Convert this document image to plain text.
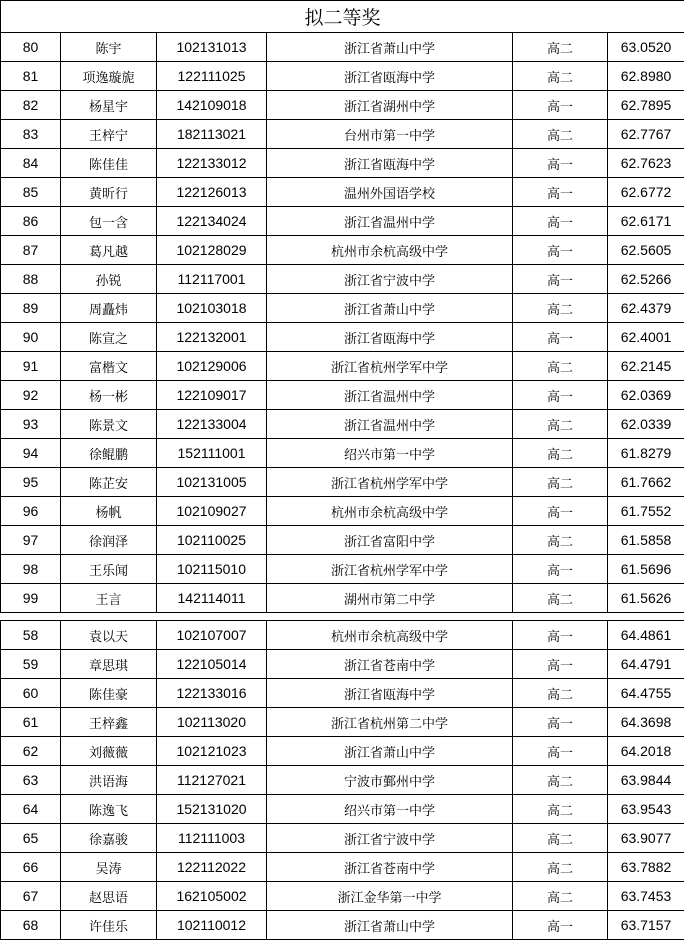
拟二等奖					
80	陈宇	102131013	浙江省萧山中学	高二	63.0520
81	项逸璇旎	122111025	浙江省瓯海中学	高二	62.8980
82	杨星宇	142109018	浙江省湖州中学	高一	62.7895
83	王梓宁	182113021	台州市第一中学	高二	62.7767
84	陈佳佳	122133012	浙江省瓯海中学	高一	62.7623
85	黄昕行	122126013	温州外国语学校	高一	62.6772
86	包一含	122134024	浙江省温州中学	高一	62.6171
87	葛凡越	102128029	杭州市余杭高级中学	高一	62.5605
88	孙锐	112117001	浙江省宁波中学	高一	62.5266
89	周矗炜	102103018	浙江省萧山中学	高二	62.4379
90	陈宣之	122132001	浙江省瓯海中学	高一	62.4001
91	富楷文	102129006	浙江省杭州学军中学	高二	62.2145
92	杨一彬	122109017	浙江省温州中学	高一	62.0369
93	陈景文	122133004	浙江省温州中学	高二	62.0339
94	徐鲲鹏	152111001	绍兴市第一中学	高二	61.8279
95	陈芷安	102131005	浙江省杭州学军中学	高二	61.7662
96	杨帆	102109027	杭州市余杭高级中学	高一	61.7552
97	徐润泽	102110025	浙江省富阳中学	高二	61.5858
98	王乐闻	102115010	浙江省杭州学军中学	高一	61.5696
99	王言	142114011	湖州市第二中学	高二	61.5626
58	袁以天	102107007	杭州市余杭高级中学	高一	64.4861
59	章思琪	122105014	浙江省苍南中学	高一	64.4791
60	陈佳豪	122133016	浙江省瓯海中学	高二	64.4755
61	王梓鑫	102113020	浙江省杭州第二中学	高一	64.3698
62	刘薇薇	102121023	浙江省萧山中学	高一	64.2018
63	洪语海	112127021	宁波市鄞州中学	高二	63.9844
64	陈逸飞	152131020	绍兴市第一中学	高二	63.9543
65	徐嘉骏	112111003	浙江省宁波中学	高二	63.9077
66	吴涛	122112022	浙江省苍南中学	高二	63.7882
67	赵思语	162105002	浙江金华第一中学	高二	63.7453
68	许佳乐	102110012	浙江省萧山中学	高一	63.7157
